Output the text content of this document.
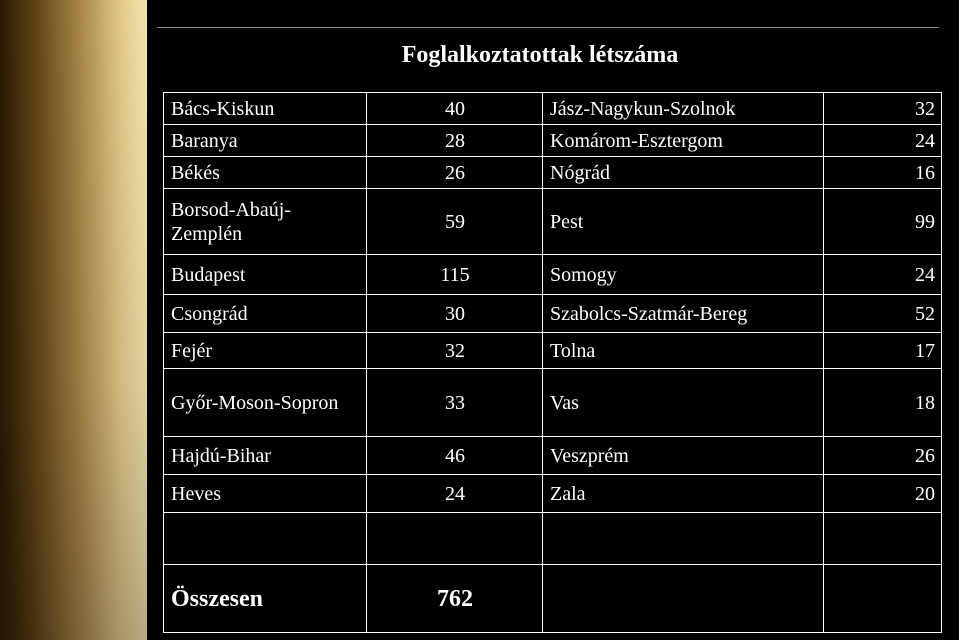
Foglalkoztatottak létszáma
Bács-Kiskun	40	Jász-Nagykun-Szolnok	32
Baranya	28	Komárom-Esztergom	24
Békés	26	Nógrád	16
Borsod-Abaúj-Zemplén	59	Pest	99
Budapest	115	Somogy	24
Csongrád	30	Szabolcs-Szatmár-Bereg	52
Fejér	32	Tolna	17
Győr-Moson-Sopron	33	Vas	18
Hajdú-Bihar	46	Veszprém	26
Heves	24	Zala	20

Összesen	762		
